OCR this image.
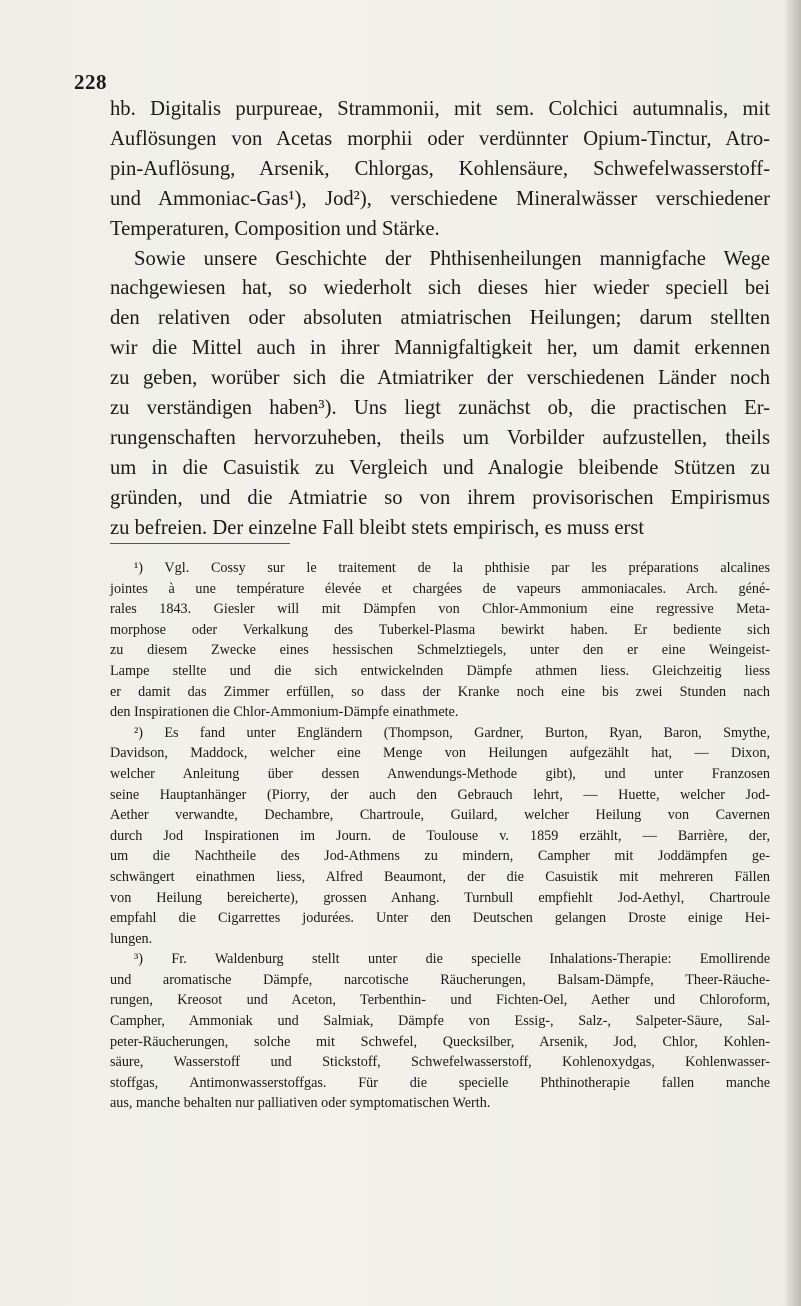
228
hb. Digitalis purpureae, Strammonii, mit sem. Colchici autumnalis, mit
Auflösungen von Acetas morphii oder verdünnter Opium-Tinctur, Atro-
pin-Auflösung, Arsenik, Chlorgas, Kohlensäure, Schwefelwasserstoff-
und Ammoniac-Gas¹), Jod²), verschiedene Mineralwässer verschiedener
Temperaturen, Composition und Stärke.
Sowie unsere Geschichte der Phthisenheilungen mannigfache Wege
nachgewiesen hat, so wiederholt sich dieses hier wieder speciell bei
den relativen oder absoluten atmiatrischen Heilungen; darum stellten
wir die Mittel auch in ihrer Mannigfaltigkeit her, um damit erkennen
zu geben, worüber sich die Atmiatriker der verschiedenen Länder noch
zu verständigen haben³). Uns liegt zunächst ob, die practischen Er-
rungenschaften hervorzuheben, theils um Vorbilder aufzustellen, theils
um in die Casuistik zu Vergleich und Analogie bleibende Stützen zu
gründen, und die Atmiatrie so von ihrem provisorischen Empirismus
zu befreien. Der einzelne Fall bleibt stets empirisch, es muss erst
¹) Vgl. Cossy sur le traitement de la phthisie par les préparations alcalines
jointes à une température élevée et chargées de vapeurs ammoniacales. Arch. géné-
rales 1843. Giesler will mit Dämpfen von Chlor-Ammonium eine regressive Meta-
morphose oder Verkalkung des Tuberkel-Plasma bewirkt haben. Er bediente sich
zu diesem Zwecke eines hessischen Schmelztiegels, unter den er eine Weingeist-
Lampe stellte und die sich entwickelnden Dämpfe athmen liess. Gleichzeitig liess
er damit das Zimmer erfüllen, so dass der Kranke noch eine bis zwei Stunden nach
den Inspirationen die Chlor-Ammonium-Dämpfe einathmete.
²) Es fand unter Engländern (Thompson, Gardner, Burton, Ryan, Baron, Smythe,
Davidson, Maddock, welcher eine Menge von Heilungen aufgezählt hat, — Dixon,
welcher Anleitung über dessen Anwendungs-Methode gibt), und unter Franzosen
seine Hauptanhänger (Piorry, der auch den Gebrauch lehrt, — Huette, welcher Jod-
Aether verwandte, Dechambre, Chartroule, Guilard, welcher Heilung von Cavernen
durch Jod Inspirationen im Journ. de Toulouse v. 1859 erzählt, — Barrière, der,
um die Nachtheile des Jod-Athmens zu mindern, Campher mit Joddämpfen ge-
schwängert einathmen liess, Alfred Beaumont, der die Casuistik mit mehreren Fällen
von Heilung bereicherte), grossen Anhang. Turnbull empfiehlt Jod-Aethyl, Chartroule
empfahl die Cigarrettes jodurées. Unter den Deutschen gelangen Droste einige Hei-
lungen.
³) Fr. Waldenburg stellt unter die specielle Inhalations-Therapie: Emollirende
und aromatische Dämpfe, narcotische Räucherungen, Balsam-Dämpfe, Theer-Räuche-
rungen, Kreosot und Aceton, Terbenthin- und Fichten-Oel, Aether und Chloroform,
Campher, Ammoniak und Salmiak, Dämpfe von Essig-, Salz-, Salpeter-Säure, Sal-
peter-Räucherungen, solche mit Schwefel, Quecksilber, Arsenik, Jod, Chlor, Kohlen-
säure, Wasserstoff und Stickstoff, Schwefelwasserstoff, Kohlenoxydgas, Kohlenwasser-
stoffgas, Antimonwasserstoffgas. Für die specielle Phthinotherapie fallen manche
aus, manche behalten nur palliativen oder symptomatischen Werth.
